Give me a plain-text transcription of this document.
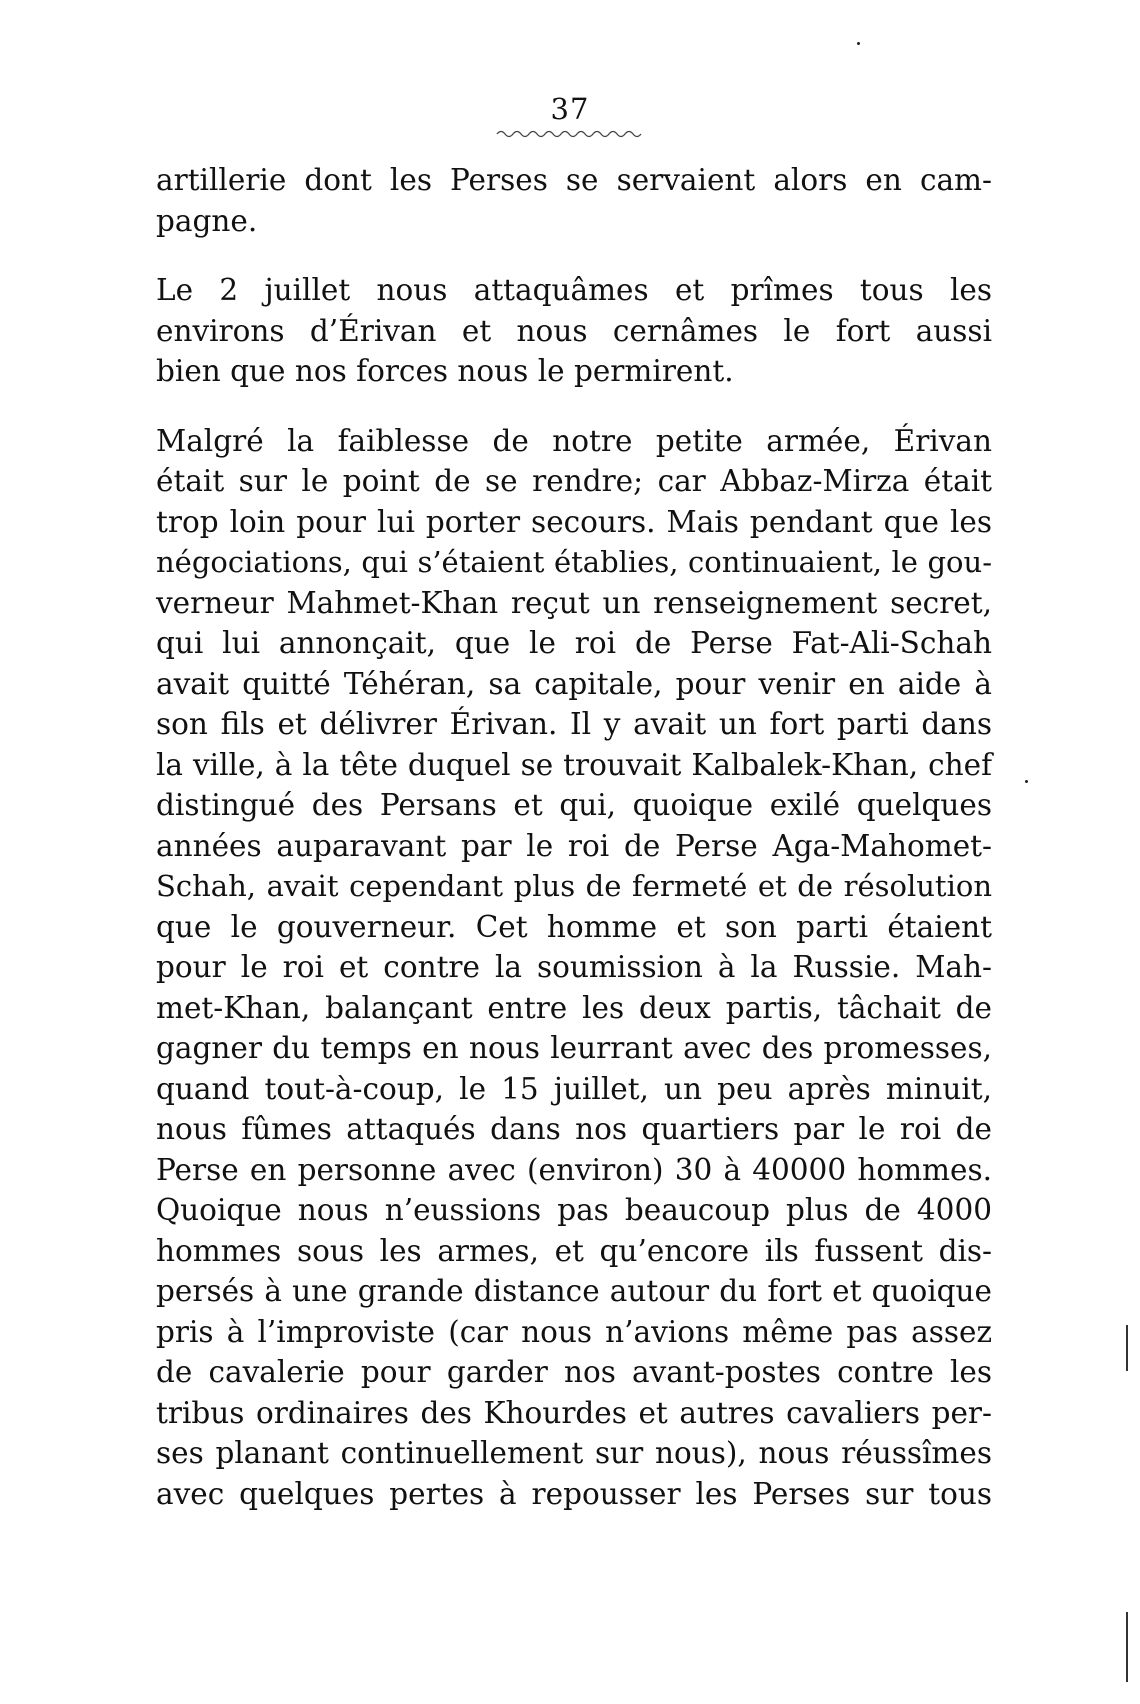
37
artillerie dont les Perses se servaient alors en cam-
pagne.
Le 2 juillet nous attaquâmes et prîmes tous les
environs d’Érivan et nous cernâmes le fort aussi
bien que nos forces nous le permirent.
Malgré la faiblesse de notre petite armée, Érivan
était sur le point de se rendre; car Abbaz-Mirza était
trop loin pour lui porter secours. Mais pendant que les
négociations, qui s’étaient établies, continuaient, le gou-
verneur Mahmet-Khan reçut un renseignement secret,
qui lui annonçait, que le roi de Perse Fat-Ali-Schah
avait quitté Téhéran, sa capitale, pour venir en aide à
son fils et délivrer Érivan. Il y avait un fort parti dans
la ville, à la tête duquel se trouvait Kalbalek-Khan, chef
distingué des Persans et qui, quoique exilé quelques
années auparavant par le roi de Perse Aga-Mahomet-
Schah, avait cependant plus de fermeté et de résolution
que le gouverneur. Cet homme et son parti étaient
pour le roi et contre la soumission à la Russie. Mah-
met-Khan, balançant entre les deux partis, tâchait de
gagner du temps en nous leurrant avec des promesses,
quand tout-à-coup, le 15 juillet, un peu après minuit,
nous fûmes attaqués dans nos quartiers par le roi de
Perse en personne avec (environ) 30 à 40000 hommes.
Quoique nous n’eussions pas beaucoup plus de 4000
hommes sous les armes, et qu’encore ils fussent dis-
persés à une grande distance autour du fort et quoique
pris à l’improviste (car nous n’avions même pas assez
de cavalerie pour garder nos avant-postes contre les
tribus ordinaires des Khourdes et autres cavaliers per-
ses planant continuellement sur nous), nous réussîmes
avec quelques pertes à repousser les Perses sur tous
